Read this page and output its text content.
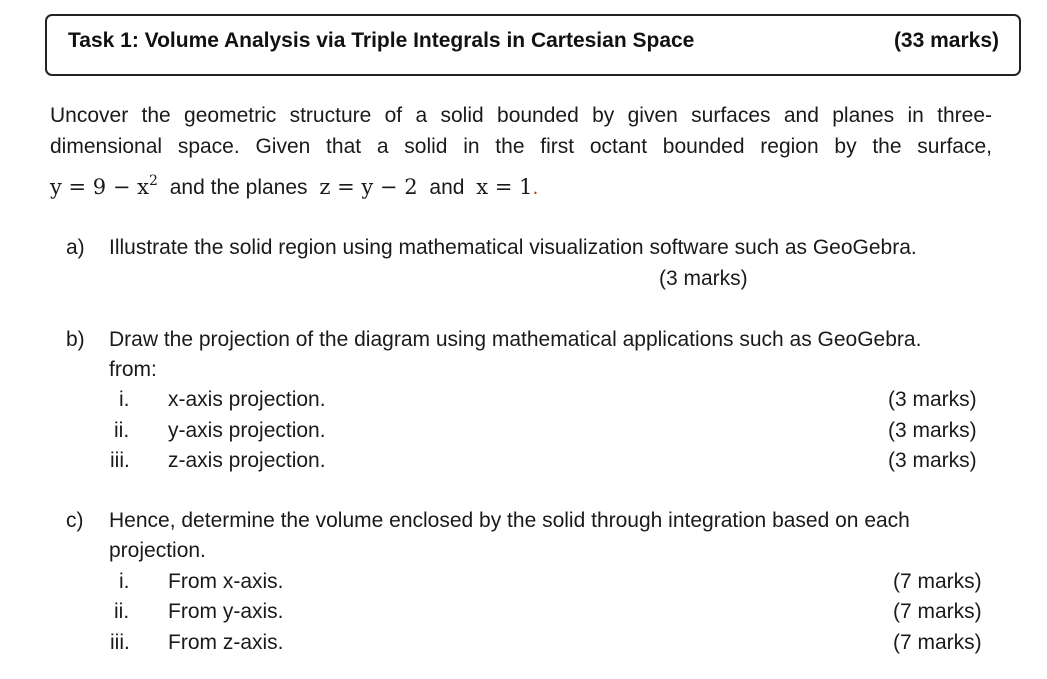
Task 1: Volume Analysis via Triple Integrals in Cartesian Space	(33 marks)
Uncover the geometric structure of a solid bounded by given surfaces and planes in three-
dimensional space. Given that a solid in the first octant bounded region by the surface,
$y = 9 - x^2$ and the planes z = y − 2 and x = 1.
a) Illustrate the solid region using mathematical visualization software such as GeoGebra.
(3 marks)
b) Draw the projection of the diagram using mathematical applications such as GeoGebra.
from:
i. x-axis projection.	(3 marks)
ii. y-axis projection.	(3 marks)
iii. z-axis projection.	(3 marks)
c) Hence, determine the volume enclosed by the solid through integration based on each
projection.
i. From x-axis.	(7 marks)
ii. From y-axis.	(7 marks)
iii. From z-axis.	(7 marks)
